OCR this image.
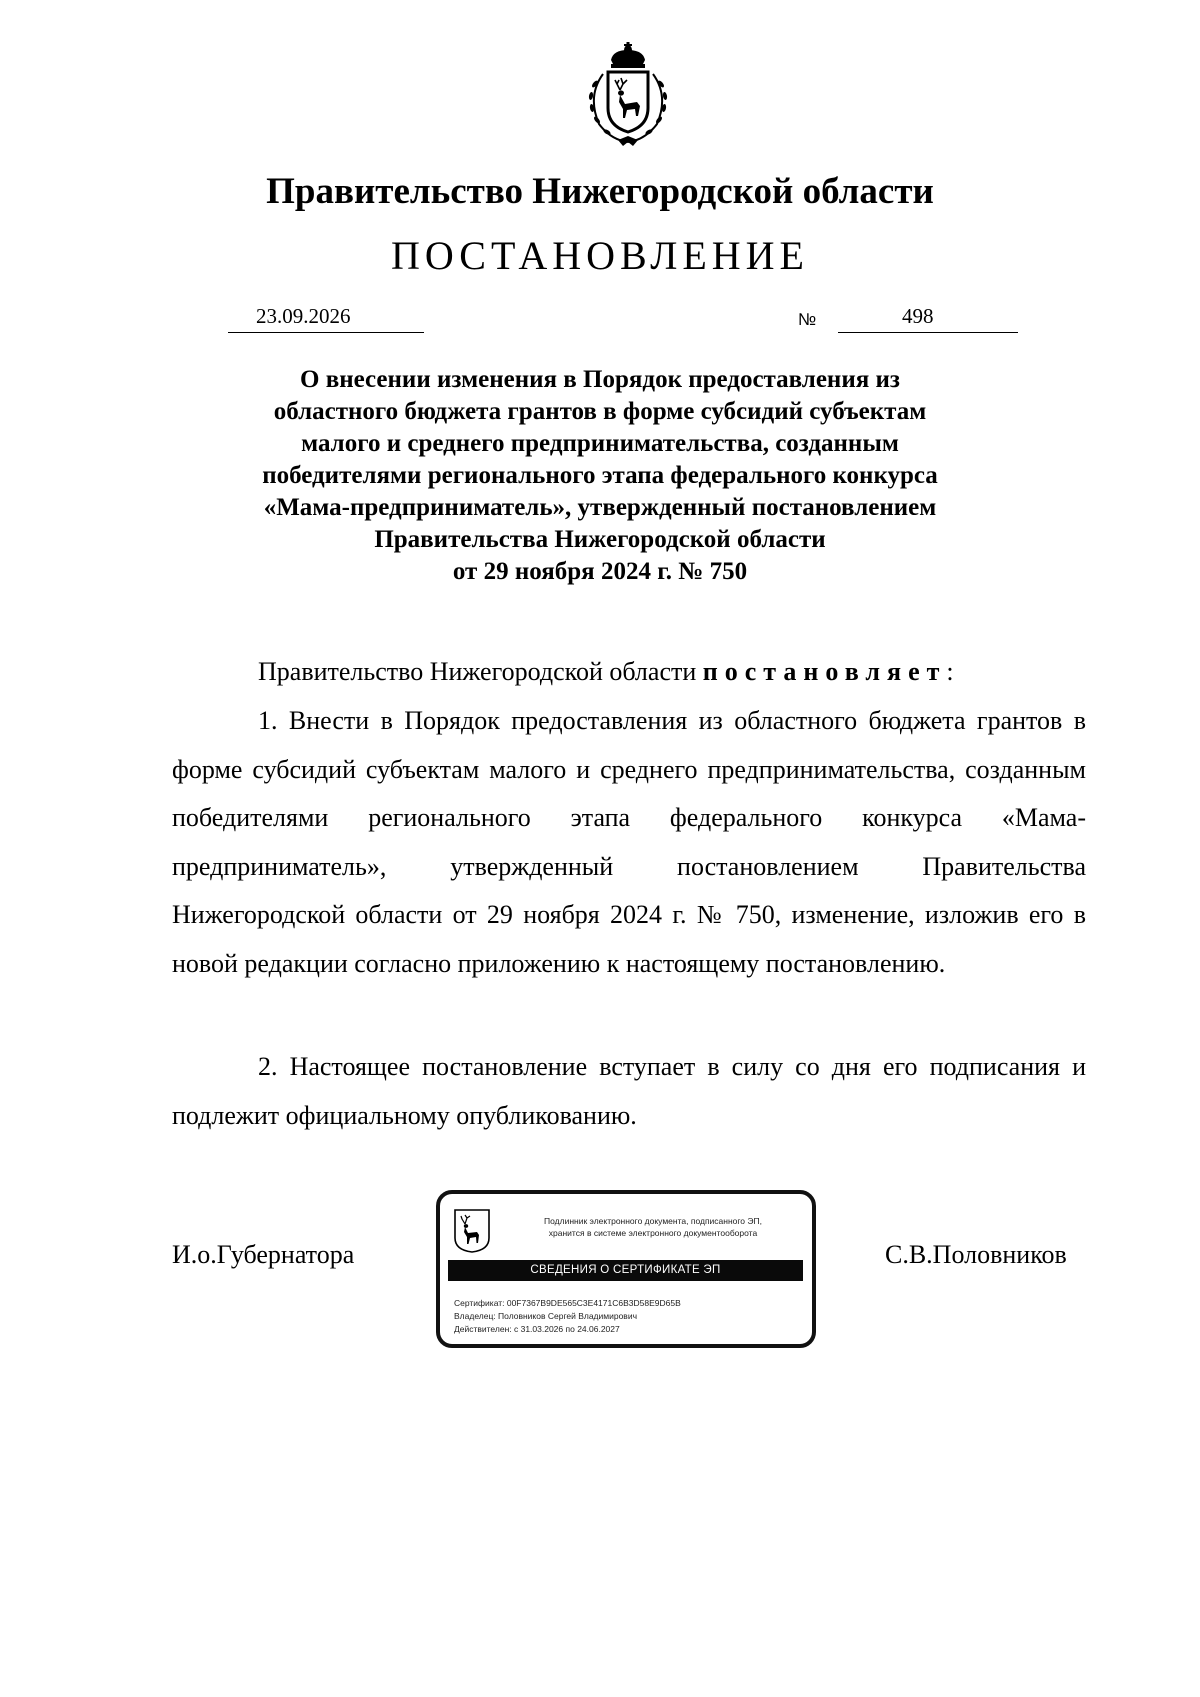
Правительство Нижегородской области
ПОСТАНОВЛЕНИЕ
23.09.2026	№	498
О внесении изменения в Порядок предоставления из
областного бюджета грантов в форме субсидий субъектам
малого и среднего предпринимательства, созданным
победителями регионального этапа федерального конкурса
«Мама-предприниматель», утвержденный постановлением
Правительства Нижегородской области
от 29 ноября 2024 г. № 750
Правительство Нижегородской области постановляет:
1. Внести в Порядок предоставления из областного бюджета грантов в форме субсидий субъектам малого и среднего предпринимательства, созданным победителями регионального этапа федерального конкурса «Мама-предприниматель», утвержденный постановлением Правительства Нижегородской области от 29 ноября 2024 г. № 750, изменение, изложив его в новой редакции согласно приложению к настоящему постановлению.
2. Настоящее постановление вступает в силу со дня его подписания и подлежит официальному опубликованию.
И.о.Губернатора
Подлинник электронного документа, подписанного ЭП,
хранится в системе электронного документооборота
СВЕДЕНИЯ О СЕРТИФИКАТЕ ЭП
Сертификат: 00F7367B9DE565C3E4171C6B3D58E9D65B
Владелец: Половников Сергей Владимирович
Действителен: с 31.03.2026 по 24.06.2027
С.В.Половников
